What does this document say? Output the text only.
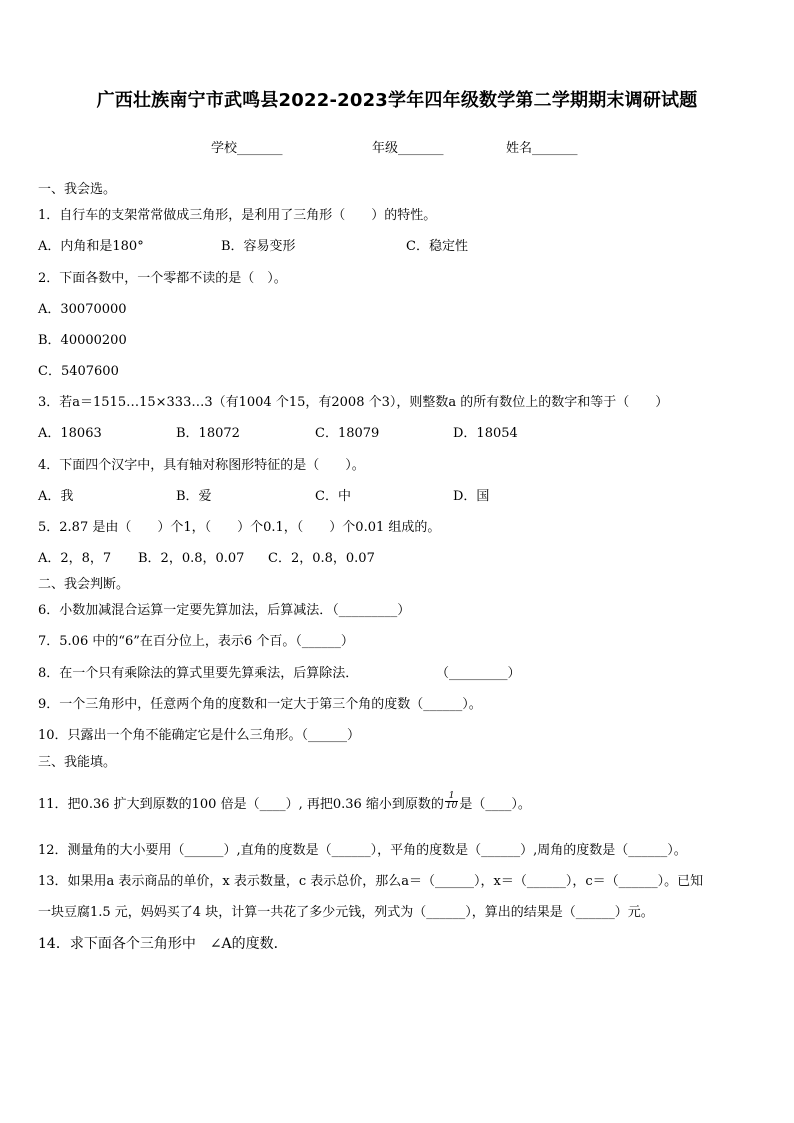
广西壮族南宁市武鸣县2022-2023学年四年级数学第二学期期末调研试题
学校_______	年级_______	姓名_______
一、我会选。
1．自行车的支架常常做成三角形，是利用了三角形（　　）的特性。
A．内角和是180°	B．容易变形	C．稳定性
2．下面各数中，一个零都不读的是（　）。
A．30070000
B．40000200
C．5407600
3．若a＝1515…15×333…3（有1004 个15，有2008 个3），则整数a 的所有数位上的数字和等于（　　）
A．18063	B．18072	C．18079	D．18054
4．下面四个汉字中，具有轴对称图形特征的是（　　）。
A．我	B．爱	C．中	D．国
5．2.87 是由（　　）个1，（　　）个0.1，（　　）个0.01 组成的。
A．2，8，7 B．2，0.8，0.07 C．2，0.8，0.07
二、我会判断。
6．小数加减混合运算一定要先算加法，后算减法．（_________）
7．5.06 中的“6”在百分位上，表示6 个百。（______）
8．在一个只有乘除法的算式里要先算乘法，后算除法．	（_________）
9．一个三角形中，任意两个角的度数和一定大于第三个角的度数（______）。
10．只露出一个角不能确定它是什么三角形。（______）
三、我能填。
11．把0.36 扩大到原数的100 倍是（____）, 再把0.36 缩小到原数的 $\frac{1}{10}$ 是（____）。
12．测量角的大小要用（______）,直角的度数是（______），平角的度数是（______）,周角的度数是（______）。
13．如果用a 表示商品的单价，x 表示数量，c 表示总价，那么a＝（______），x＝（______），c＝（______）。已知
一块豆腐1.5 元，妈妈买了4 块，计算一共花了多少元钱，列式为（______），算出的结果是（______）元。
14．求下面各个三角形中　∠A的度数．
